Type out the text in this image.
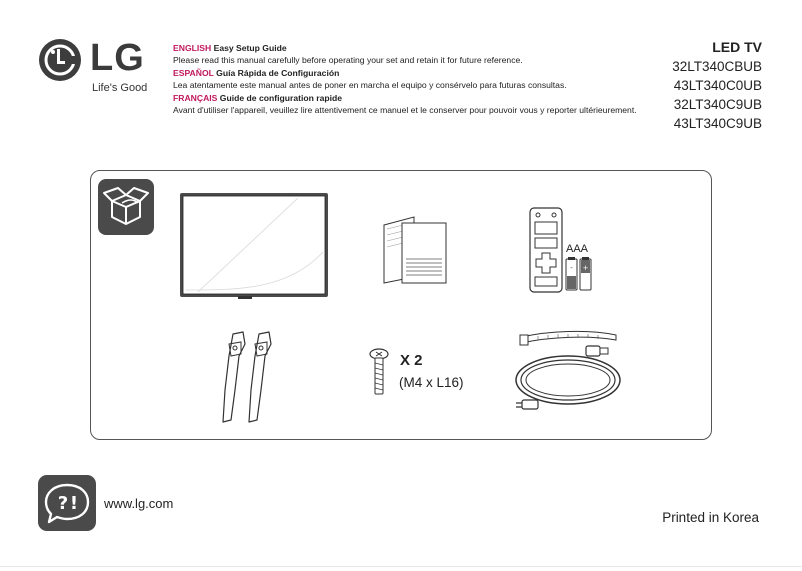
LG
Life's Good
ENGLISH Easy Setup Guide
Please read this manual carefully before operating your set and retain it for future reference.
ESPAÑOL Guía Rápida de Configuración
Lea atentamente este manual antes de poner en marcha el equipo y consérvelo para futuras consultas.
FRANÇAIS Guide de configuration rapide
Avant d'utiliser l'appareil, veuillez lire attentivement ce manuel et le conserver pour pouvoir vous y reporter ultérieurement.
LED TV
32LT340CBUB
43LT340C0UB
32LT340C9UB
43LT340C9UB
AAA
- +
X 2
(M4 x L16)
? ! www.lg.com
Printed in Korea
